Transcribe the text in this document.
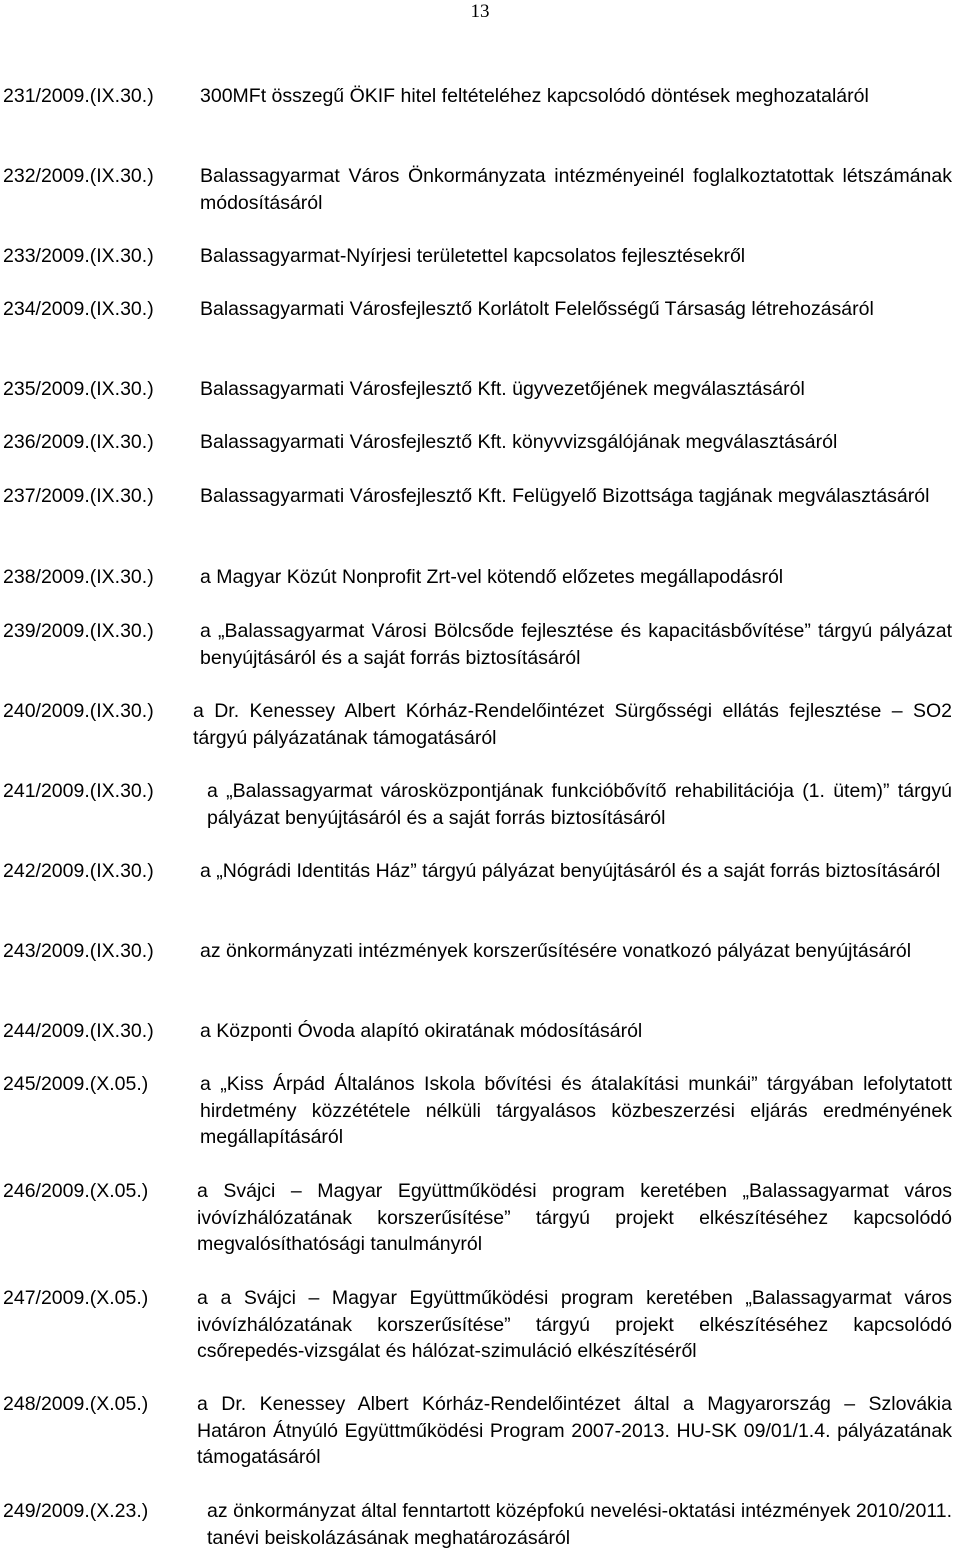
13
231/2009.(IX.30.) 300MFt összegű ÖKIF hitel feltételéhez kapcsolódó döntések meghozataláról
232/2009.(IX.30.) Balassagyarmat Város Önkormányzata intézményeinél foglalkoztatottak létszámának módosításáról
233/2009.(IX.30.) Balassagyarmat-Nyírjesi területettel kapcsolatos fejlesztésekről
234/2009.(IX.30.) Balassagyarmati Városfejlesztő Korlátolt Felelősségű Társaság létrehozásáról
235/2009.(IX.30.) Balassagyarmati Városfejlesztő Kft. ügyvezetőjének megválasztásáról
236/2009.(IX.30.) Balassagyarmati Városfejlesztő Kft. könyvvizsgálójának megválasztásáról
237/2009.(IX.30.) Balassagyarmati Városfejlesztő Kft. Felügyelő Bizottsága tagjának megválasztásáról
238/2009.(IX.30.) a Magyar Közút Nonprofit Zrt-vel kötendő előzetes megállapodásról
239/2009.(IX.30.) a „Balassagyarmat Városi Bölcsőde fejlesztése és kapacitásbővítése” tárgyú pályázat benyújtásáról és a saját forrás biztosításáról
240/2009.(IX.30.) a Dr. Kenessey Albert Kórház-Rendelőintézet Sürgősségi ellátás fejlesztése – SO2 tárgyú pályázatának támogatásáról
241/2009.(IX.30.)	a „Balassagyarmat városközpontjának funkcióbővítő rehabilitációja (1. ütem)” tárgyú pályázat benyújtásáról és a saját forrás biztosításáról
242/2009.(IX.30.) a „Nógrádi Identitás Ház” tárgyú pályázat benyújtásáról és a saját forrás biztosításáról
243/2009.(IX.30.) az önkormányzati intézmények korszerűsítésére vonatkozó pályázat benyújtásáról
244/2009.(IX.30.) a Központi Óvoda alapító okiratának módosításáról
245/2009.(X.05.)	a „Kiss Árpád Általános Iskola bővítési és átalakítási munkái” tárgyában lefolytatott hirdetmény közzététele nélküli tárgyalásos közbeszerzési eljárás eredményének megállapításáról
246/2009.(X.05.) a Svájci – Magyar Együttműködési program keretében „Balassagyarmat város ivóvízhálózatának korszerűsítése” tárgyú projekt elkészítéséhez kapcsolódó megvalósíthatósági tanulmányról
247/2009.(X.05.) a a Svájci – Magyar Együttműködési program keretében „Balassagyarmat város ivóvízhálózatának korszerűsítése” tárgyú projekt elkészítéséhez kapcsolódó csőrepedés-vizsgálat és hálózat-szimuláció elkészítéséről
248/2009.(X.05.) a Dr. Kenessey Albert Kórház-Rendelőintézet által a Magyarország – Szlovákia Határon Átnyúló Együttműködési Program 2007-2013. HU-SK 09/01/1.4. pályázatának támogatásáról
249/2009.(X.23.)	az önkormányzat által fenntartott középfokú nevelési-oktatási intézmények 2010/2011. tanévi beiskolázásának meghatározásáról
